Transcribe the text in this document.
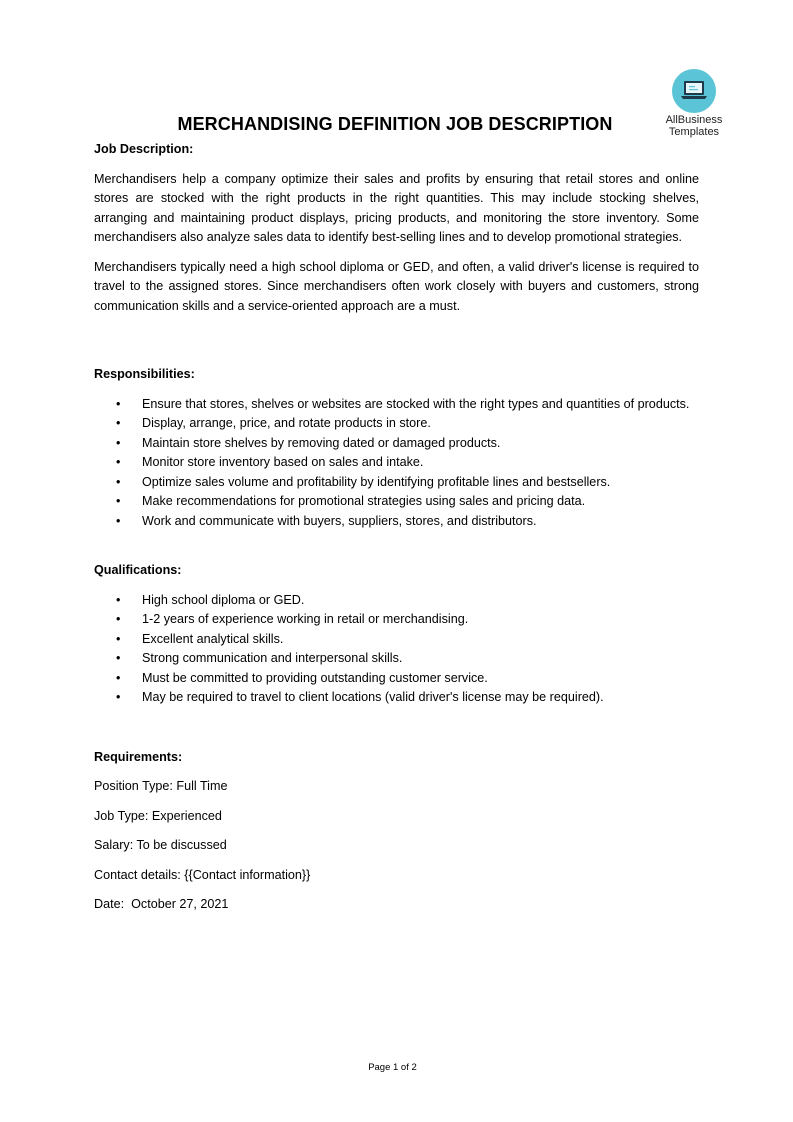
AllBusiness
Templates
MERCHANDISING DEFINITION JOB DESCRIPTION

Job Description:

Merchandisers help a company optimize their sales and profits by ensuring that retail stores and online stores are stocked with the right products in the right quantities. This may include stocking shelves, arranging and maintaining product displays, pricing products, and monitoring the store inventory. Some merchandisers also analyze sales data to identify best-selling lines and to develop promotional strategies.

Merchandisers typically need a high school diploma or GED, and often, a valid driver's license is required to travel to the assigned stores. Since merchandisers often work closely with buyers and customers, strong communication skills and a service-oriented approach are a must.

Responsibilities:

• Ensure that stores, shelves or websites are stocked with the right types and quantities of products.
• Display, arrange, price, and rotate products in store.
• Maintain store shelves by removing dated or damaged products.
• Monitor store inventory based on sales and intake.
• Optimize sales volume and profitability by identifying profitable lines and bestsellers.
• Make recommendations for promotional strategies using sales and pricing data.
• Work and communicate with buyers, suppliers, stores, and distributors.

Qualifications:

• High school diploma or GED.
• 1-2 years of experience working in retail or merchandising.
• Excellent analytical skills.
• Strong communication and interpersonal skills.
• Must be committed to providing outstanding customer service.
• May be required to travel to client locations (valid driver's license may be required).

Requirements:

Position Type: Full Time

Job Type: Experienced

Salary: To be discussed

Contact details: {{Contact information}}

Date:  October 27, 2021

Page 1 of 2
